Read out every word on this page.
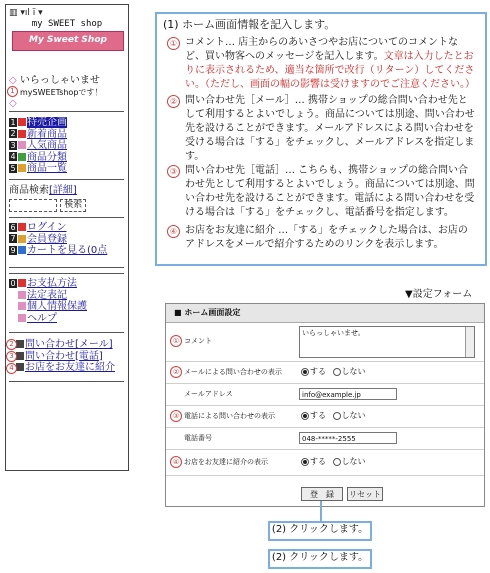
▥ ▾ıl ï ▾
my SWEET shop
My Sweet Shop
◇ いらっしゃいませ
mySWEETshopです！
◇
1
1 特売企画
2 新着商品
3 人気商品
4 商品分類
5 商品一覧
商品検索[詳細]
検索
6 ログイン
7 会員登録
9 カートを見る(0点
0 お支払方法
法定表記
個人情報保護
ヘルプ
問い合わせ[メール]
問い合わせ[電話]
お店をお友達に紹介
2
3
4
(1) ホーム画面情報を記入します。
① コメント… 店主からのあいさつやお店についてのコメントなど、買い物客へのメッセージを記入します。文章は入力したとおりに表示されるため、適当な箇所で改行（リターン）してください。（ただし、画面の幅の影響は受けますのでご注意ください。）
② 問い合わせ先［メール］… 携帯ショップの総合問い合わせ先として利用するとよいでしょう。商品については別途、問い合わせ先を設けることができます。メールアドレスによる問い合わせを受ける場合は「する」をチェックし、メールアドレスを指定します。
③ 問い合わせ先［電話］… こちらも、携帯ショップの総合問い合わせ先として利用するとよいでしょう。商品については別途、問い合わせ先を設けることができます。電話による問い合わせを受ける場合は「する」をチェックし、電話番号を指定します。
④ お店をお友達に紹介 …「する」をチェックした場合は、お店のアドレスをメールで紹介するためのリンクを表示します。
▼設定フォーム
■ ホーム画面設定
① コメント
いらっしゃいませ。
② メールによる問い合わせの表示	する しない
メールアドレス	info@example.jp
③ 電話による問い合わせの表示	する しない
電話番号	048-*****-2555
④ お店をお友達に紹介の表示	する しない
登　録	リセット
(2) クリックします。
(2) クリックします。
